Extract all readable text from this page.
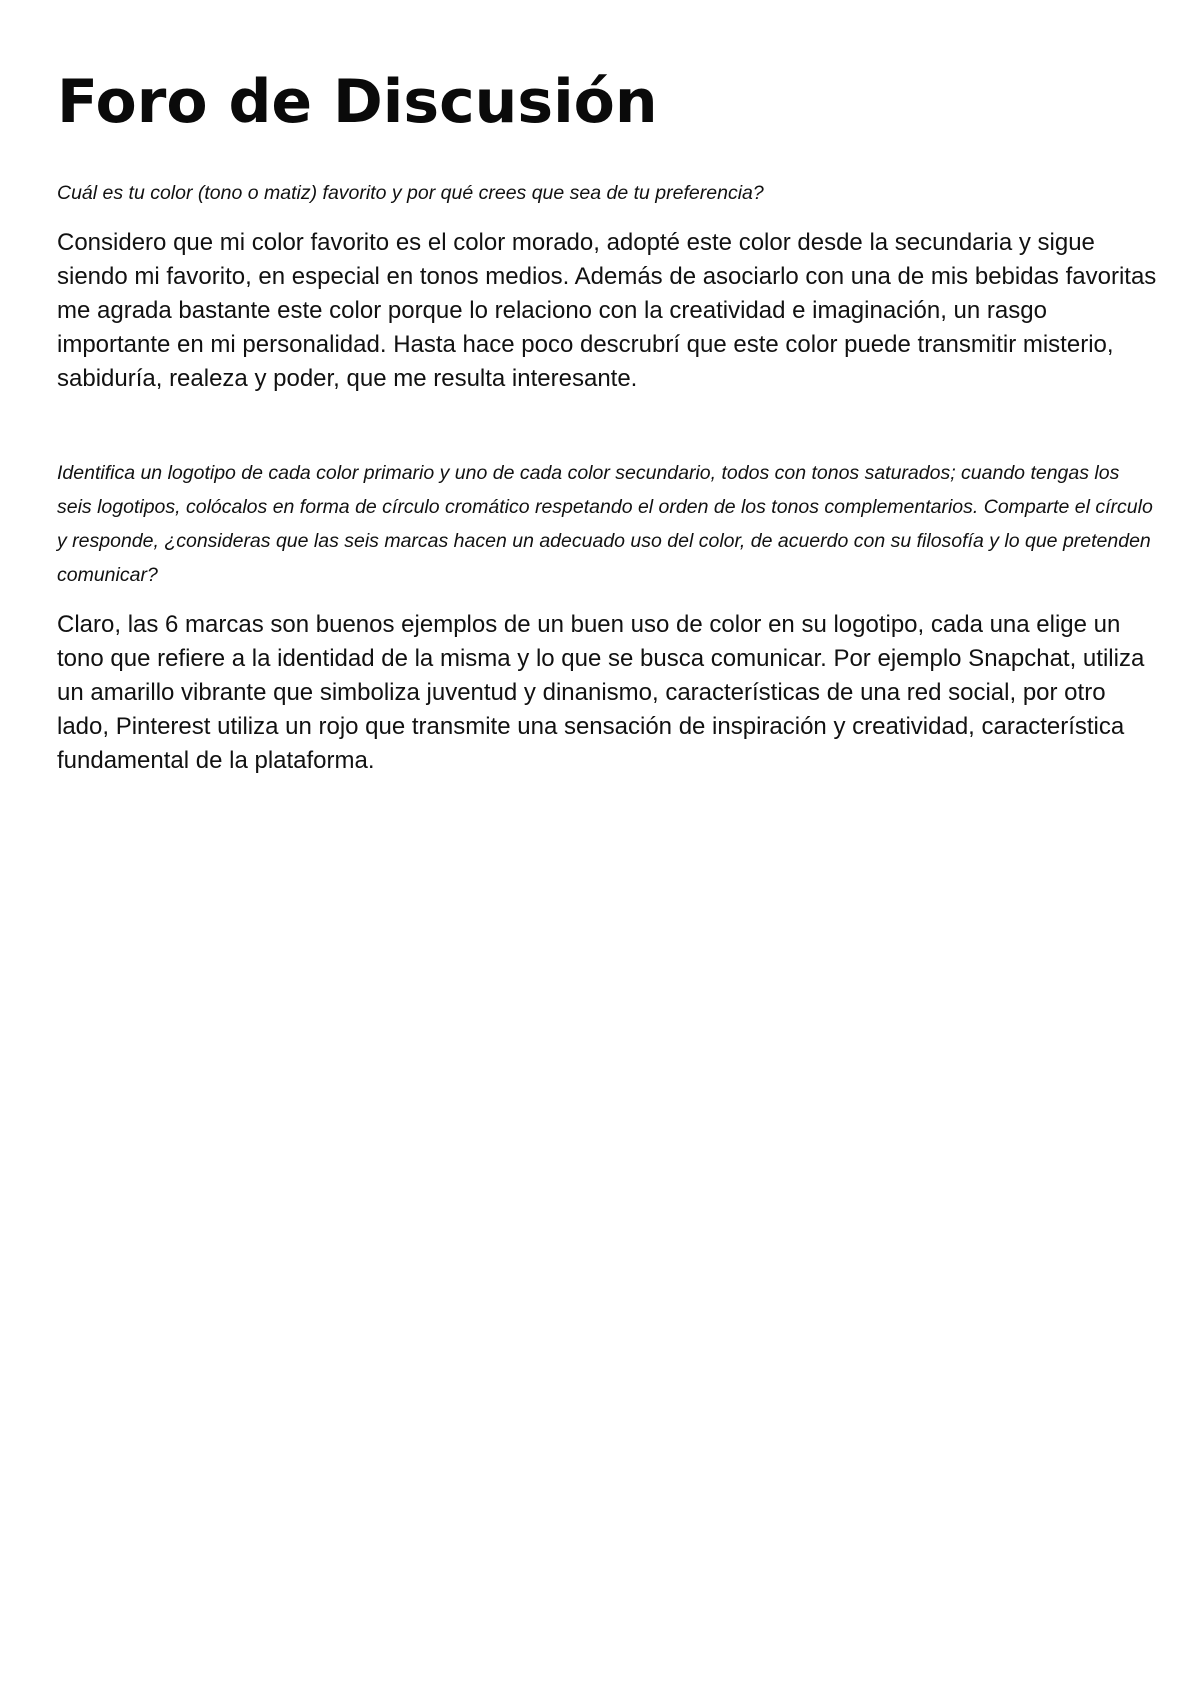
Foro de Discusión

Cuál es tu color (tono o matiz) favorito y por qué crees que sea de tu preferencia?

Considero que mi color favorito es el color morado, adopté este color desde la secundaria y sigue siendo mi favorito, en especial en tonos medios. Además de asociarlo con una de mis bebidas favoritas me agrada bastante este color porque lo relaciono con la creatividad e imaginación, un rasgo importante en mi personalidad. Hasta hace poco descrubrí que este color puede transmitir misterio, sabiduría, realeza y poder, que me resulta interesante.

Identifica un logotipo de cada color primario y uno de cada color secundario, todos con tonos saturados; cuando tengas los seis logotipos, colócalos en forma de círculo cromático respetando el orden de los tonos complementarios. Comparte el círculo y responde, ¿consideras que las seis marcas hacen un adecuado uso del color, de acuerdo con su filosofía y lo que pretenden comunicar?

Claro, las 6 marcas son buenos ejemplos de un buen uso de color en su logotipo, cada una elige un tono que refiere a la identidad de la misma y lo que se busca comunicar. Por ejemplo Snapchat, utiliza un amarillo vibrante que simboliza juventud y dinanismo, características de una red social, por otro lado, Pinterest utiliza un rojo que transmite una sensación de inspiración y creatividad, característica fundamental de la plataforma.
